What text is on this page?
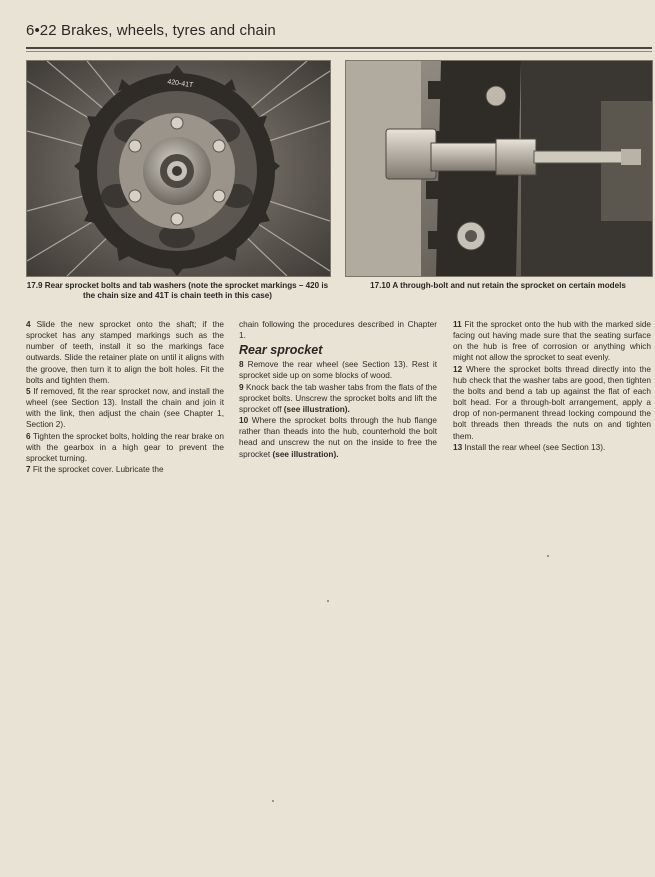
6•22 Brakes, wheels, tyres and chain
420-41T
17.9 Rear sprocket bolts and tab washers (note the sprocket markings – 420 is the chain size and 41T is chain teeth in this case)
17.10 A through-bolt and nut retain the sprocket on certain models

4 Slide the new sprocket onto the shaft; if the sprocket has any stamped markings such as the number of teeth, install it so the markings face outwards. Slide the retainer plate on until it aligns with the groove, then turn it to align the bolt holes. Fit the bolts and tighten them.

5 If removed, fit the rear sprocket now, and install the wheel (see Section 13). Install the chain and join it with the link, then adjust the chain (see Chapter 1, Section 2).

6 Tighten the sprocket bolts, holding the rear brake on with the gearbox in a high gear to prevent the sprocket turning.

7 Fit the sprocket cover. Lubricate the

chain following the procedures described in Chapter 1.

Rear sprocket

8 Remove the rear wheel (see Section 13). Rest it sprocket side up on some blocks of wood.

9 Knock back the tab washer tabs from the flats of the sprocket bolts. Unscrew the sprocket bolts and lift the sprocket off (see illustration).

10 Where the sprocket bolts through the hub flange rather than theads into the hub, counterhold the bolt head and unscrew the nut on the inside to free the sprocket (see illustration).

11 Fit the sprocket onto the hub with the marked side facing out having made sure that the seating surface on the hub is free of corrosion or anything which might not allow the sprocket to seat evenly.

12 Where the sprocket bolts thread directly into the hub check that the washer tabs are good, then tighten the bolts and bend a tab up against the flat of each bolt head. For a through-bolt arrangement, apply a drop of non-permanent thread locking compound the bolt threads then threads the nuts on and tighten them.

13 Install the rear wheel (see Section 13).
